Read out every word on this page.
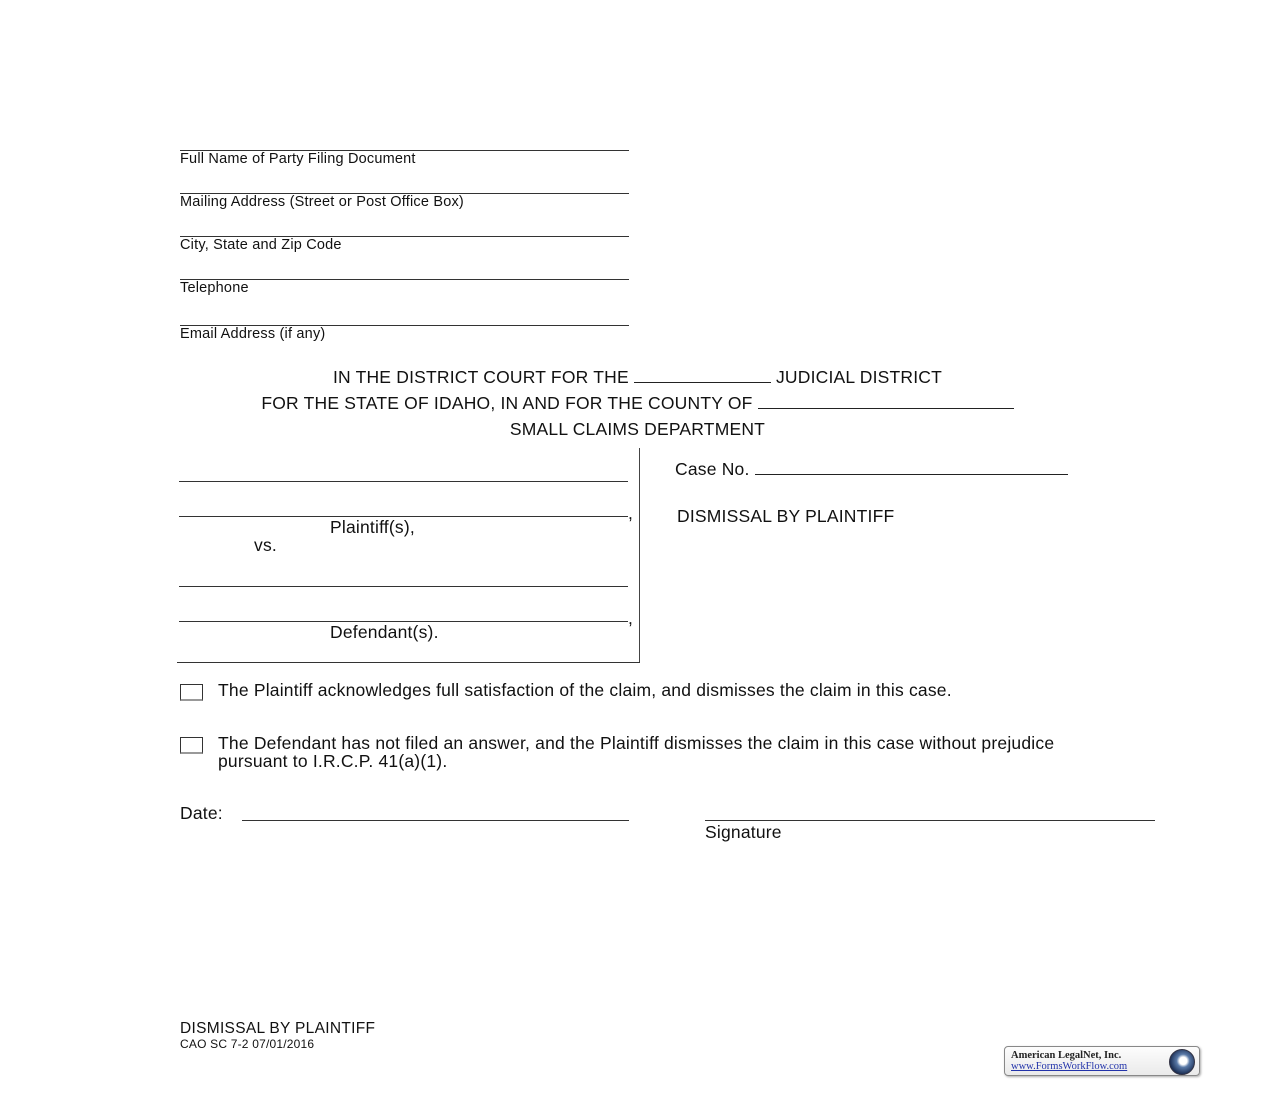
Full Name of Party Filing Document
Mailing Address (Street or Post Office Box)
City, State and Zip Code
Telephone
Email Address (if any)
IN THE DISTRICT COURT FOR THE	JUDICIAL DISTRICT
FOR THE STATE OF IDAHO, IN AND FOR THE COUNTY OF
SMALL CLAIMS DEPARTMENT
,
Plaintiff(s),
vs.
,
Defendant(s).
Case No.
DISMISSAL BY PLAINTIFF
The Plaintiff acknowledges full satisfaction of the claim, and dismisses the claim in this case.
The Defendant has not filed an answer, and the Plaintiff dismisses the claim in this case without prejudice pursuant to I.R.C.P. 41(a)(1).
Date:
Signature
DISMISSAL BY PLAINTIFF
CAO SC 7-2 07/01/2016
American LegalNet, Inc.
www.FormsWorkFlow.com
